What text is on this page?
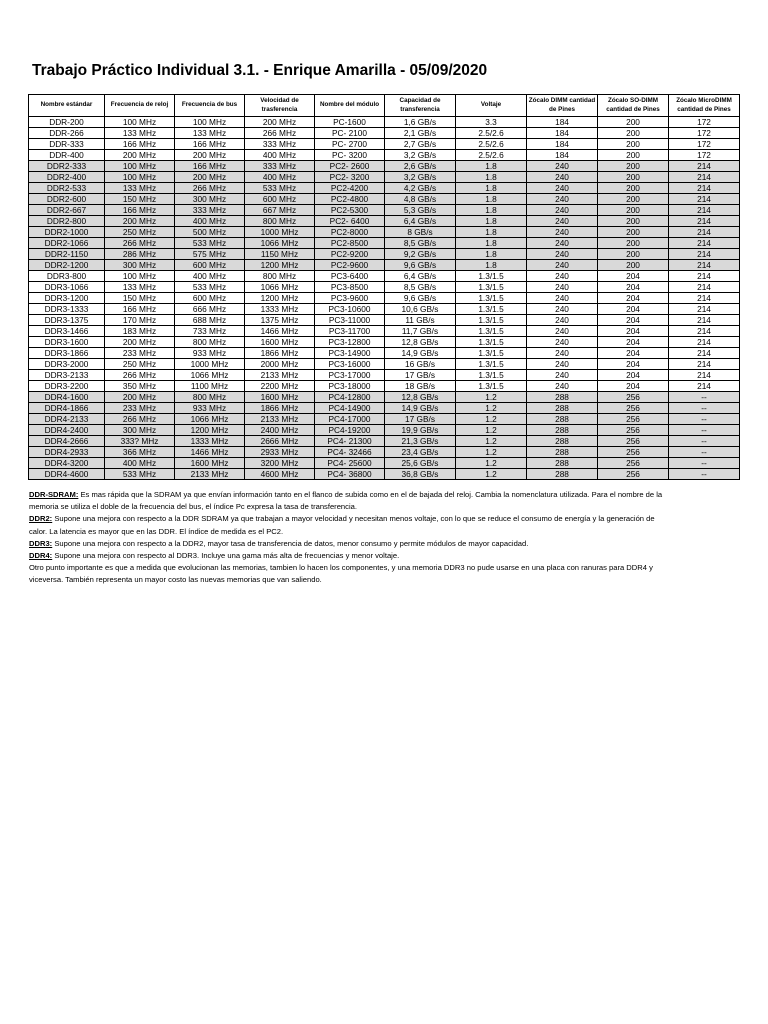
Trabajo Práctico Individual 3.1. - Enrique Amarilla - 05/09/2020
Nombre estándar	Frecuencia de reloj	Frecuencia de bus	Velocidad de trasferencia	Nombre del módulo	Capacidad de transferencia	Voltaje	Zócalo DIMM cantidad de Pines	Zócalo SO-DIMM cantidad de Pines	Zócalo MicroDIMM cantidad de Pines
DDR-200	100 MHz	100 MHz	200 MHz	PC-1600	1,6 GB/s	3.3	184	200	172
DDR-266	133 MHz	133 MHz	266 MHz	PC- 2100	2,1 GB/s	2.5/2.6	184	200	172
DDR-333	166 MHz	166 MHz	333 MHz	PC- 2700	2,7 GB/s	2.5/2.6	184	200	172
DDR-400	200 MHz	200 MHz	400 MHz	PC- 3200	3,2 GB/s	2.5/2.6	184	200	172
DDR2-333	100 MHz	166 MHz	333 MHz	PC2- 2600	2,6 GB/s	1.8	240	200	214
DDR2-400	100 MHz	200 MHz	400 MHz	PC2- 3200	3,2 GB/s	1.8	240	200	214
DDR2-533	133 MHz	266 MHz	533 MHz	PC2-4200	4,2 GB/s	1.8	240	200	214
DDR2-600	150 MHz	300 MHz	600 MHz	PC2-4800	4,8 GB/s	1.8	240	200	214
DDR2-667	166 MHz	333 MHz	667 MHz	PC2-5300	5,3 GB/s	1.8	240	200	214
DDR2-800	200 MHz	400 MHz	800 MHz	PC2- 6400	6,4 GB/s	1.8	240	200	214
DDR2-1000	250 MHz	500 MHz	1000 MHz	PC2-8000	8 GB/s	1.8	240	200	214
DDR2-1066	266 MHz	533 MHz	1066 MHz	PC2-8500	8,5 GB/s	1.8	240	200	214
DDR2-1150	286 MHz	575 MHz	1150 MHz	PC2-9200	9,2 GB/s	1.8	240	200	214
DDR2-1200	300 MHz	600 MHz	1200 MHz	PC2-9600	9,6 GB/s	1.8	240	200	214
DDR3-800	100 MHz	400 MHz	800 MHz	PC3-6400	6,4 GB/s	1.3/1.5	240	204	214
DDR3-1066	133 MHz	533 MHz	1066 MHz	PC3-8500	8,5 GB/s	1.3/1.5	240	204	214
DDR3-1200	150 MHz	600 MHz	1200 MHz	PC3-9600	9,6 GB/s	1.3/1.5	240	204	214
DDR3-1333	166 MHz	666 MHz	1333 MHz	PC3-10600	10,6 GB/s	1.3/1.5	240	204	214
DDR3-1375	170 MHz	688 MHz	1375 MHz	PC3-11000	11 GB/s	1.3/1.5	240	204	214
DDR3-1466	183 MHz	733 MHz	1466 MHz	PC3-11700	11,7 GB/s	1.3/1.5	240	204	214
DDR3-1600	200 MHz	800 MHz	1600 MHz	PC3-12800	12,8 GB/s	1.3/1.5	240	204	214
DDR3-1866	233 MHz	933 MHz	1866 MHz	PC3-14900	14,9 GB/s	1.3/1.5	240	204	214
DDR3-2000	250 MHz	1000 MHz	2000 MHz	PC3-16000	16 GB/s	1.3/1.5	240	204	214
DDR3-2133	266 MHz	1066 MHz	2133 MHz	PC3-17000	17 GB/s	1.3/1.5	240	204	214
DDR3-2200	350 MHz	1100 MHz	2200 MHz	PC3-18000	18 GB/s	1.3/1.5	240	204	214
DDR4-1600	200 MHz	800 MHz	1600 MHz	PC4-12800	12,8 GB/s	1.2	288	256	--
DDR4-1866	233 MHz	933 MHz	1866 MHz	PC4-14900	14,9 GB/s	1.2	288	256	--
DDR4-2133	266 MHz	1066 MHz	2133 MHz	PC4-17000	17 GB/s	1.2	288	256	--
DDR4-2400	300 MHz	1200 MHz	2400 MHz	PC4-19200	19,9 GB/s	1.2	288	256	--
DDR4-2666	333? MHz	1333 MHz	2666 MHz	PC4- 21300	21,3 GB/s	1.2	288	256	--
DDR4-2933	366 MHz	1466 MHz	2933 MHz	PC4- 32466	23,4 GB/s	1.2	288	256	--
DDR4-3200	400 MHz	1600 MHz	3200 MHz	PC4- 25600	25,6 GB/s	1.2	288	256	--
DDR4-4600	533 MHz	2133 MHz	4600 MHz	PC4- 36800	36,8 GB/s	1.2	288	256	--

DDR-SDRAM: Es mas rápida que la SDRAM ya que envían información tanto en el flanco de subida como en el de bajada del reloj. Cambia la nomenclatura utilizada. Para el nombre de la memoria se utiliza el doble de la frecuencia del bus, el índice Pc expresa la tasa de transferencia.

DDR2: Supone una mejora con respecto a la DDR SDRAM ya que trabajan a mayor velocidad y necesitan menos voltaje, con lo que se reduce el consumo de energía y la generación de calor. La latencia es mayor que en las DDR. El índice de medida es el PC2.

DDR3: Supone una mejora con respecto a la DDR2, mayor tasa de transferencia de datos, menor consumo y permite módulos de mayor capacidad.

DDR4: Supone una mejora con respecto al DDR3. Incluye una gama más alta de frecuencias y menor voltaje.

Otro punto importante es que a medida que evolucionan las memorias, tambien lo hacen los componentes, y una memoria DDR3 no pude usarse en una placa con ranuras para DDR4 y viceversa. También representa un mayor costo las nuevas memorias que van saliendo.
